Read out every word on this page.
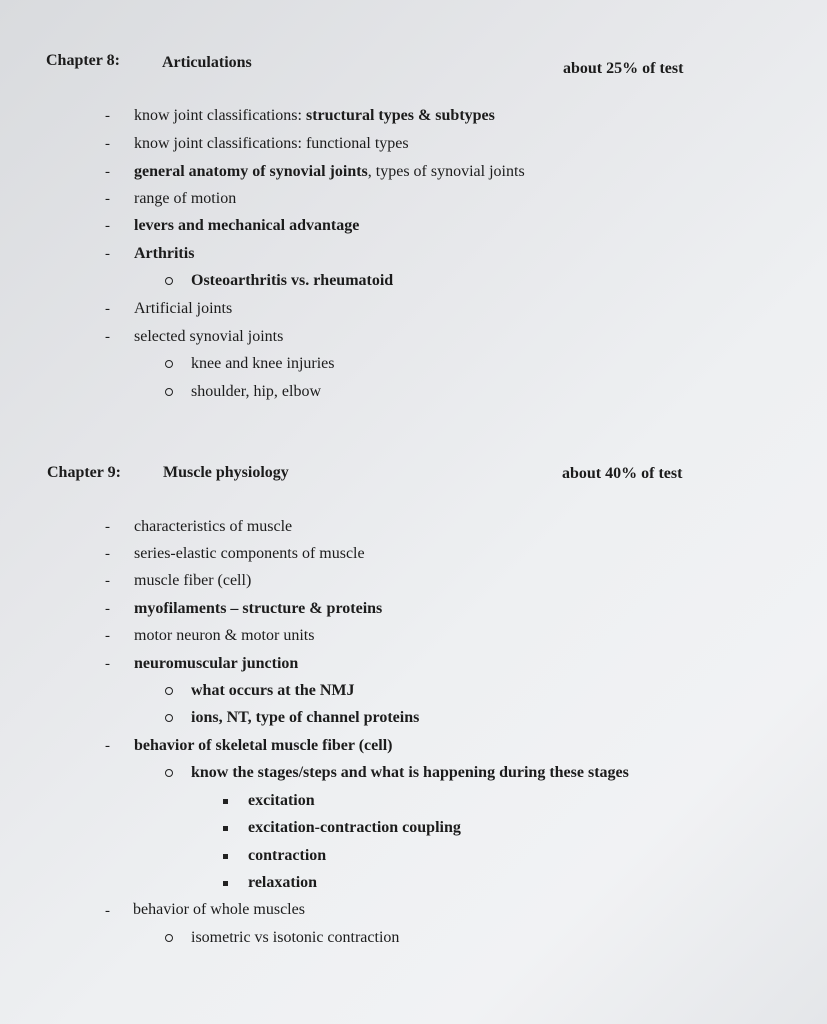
Chapter 8:	Articulations	about 25% of test
- know joint classifications: structural types & subtypes
- know joint classifications: functional types
- general anatomy of synovial joints, types of synovial joints
- range of motion
- levers and mechanical advantage
- Arthritis
Osteoarthritis vs. rheumatoid
- Artificial joints
- selected synovial joints
knee and knee injuries
shoulder, hip, elbow
Chapter 9:	Muscle physiology	about 40% of test
- characteristics of muscle
- series-elastic components of muscle
- muscle fiber (cell)
- myofilaments – structure & proteins
- motor neuron & motor units
- neuromuscular junction
what occurs at the NMJ
ions, NT, type of channel proteins
- behavior of skeletal muscle fiber (cell)
know the stages/steps and what is happening during these stages
excitation
excitation-contraction coupling
contraction
relaxation
- behavior of whole muscles
isometric vs isotonic contraction
